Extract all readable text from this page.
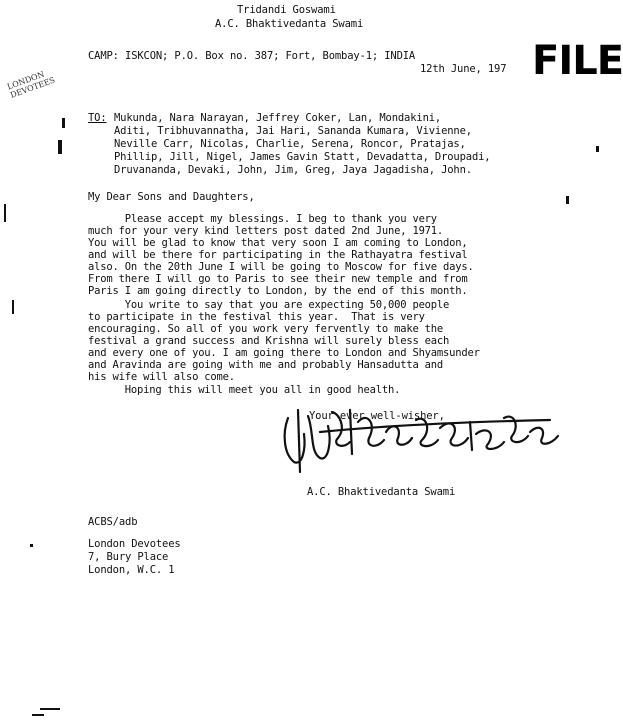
Tridandi Goswami
A.C. Bhaktivedanta Swami
CAMP: ISKCON; P.O. Box no. 387; Fort, Bombay-1; INDIA
12th June, 197 FILE
LONDON
DEVOTEES
TO: Mukunda, Nara Narayan, Jeffrey Coker, Lan, Mondakini,
Aditi, Tribhuvannatha, Jai Hari, Sananda Kumara, Vivienne,
Neville Carr, Nicolas, Charlie, Serena, Roncor, Pratajas,
Phillip, Jill, Nigel, James Gavin Statt, Devadatta, Droupadi,
Druvananda, Devaki, John, Jim, Greg, Jaya Jagadisha, John.
My Dear Sons and Daughters,
Please accept my blessings. I beg to thank you very
much for your very kind letters post dated 2nd June, 1971.
You will be glad to know that very soon I am coming to London,
and will be there for participating in the Rathayatra festival
also. On the 20th June I will be going to Moscow for five days.
From there I will go to Paris to see their new temple and from
Paris I am going directly to London, by the end of this month.
You write to say that you are expecting 50,000 people
to participate in the festival this year.  That is very
encouraging. So all of you work very fervently to make the
festival a grand success and Krishna will surely bless each
and every one of you. I am going there to London and Shyamsunder
and Aravinda are going with me and probably Hansadutta and
his wife will also come.
Hoping this will meet you all in good health.
Your ever well-wisher,
A.C. Bhaktivedanta Swami
ACBS/adb
London Devotees
7, Bury Place
London, W.C. 1
